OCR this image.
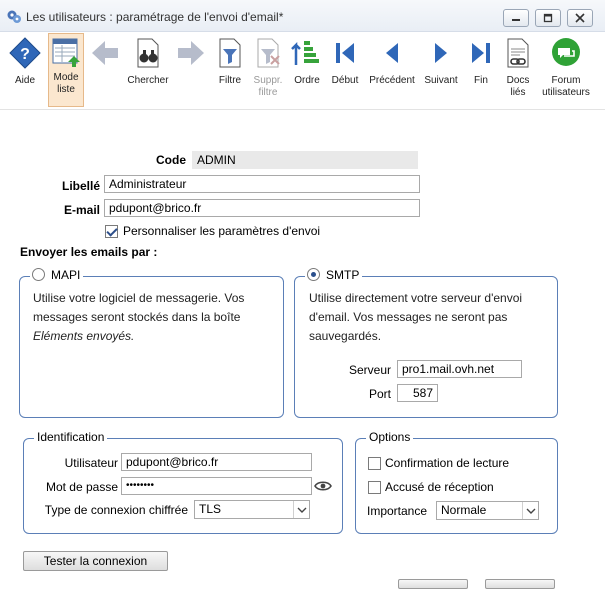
Les utilisateurs : paramétrage de l'envoi d'email*
?
Aide	Mode
liste
Chercher	Filtre	Suppr.
filtre
Ordre	Début	Précédent Suivant	Fin	Docs
liés
Forum
utilisateurs
Code ADMIN
Libellé Administrateur
E-mail pdupont@brico.fr
Personnaliser les paramètres d'envoi
Envoyer les emails par :
MAPI
Utilise votre logiciel de messagerie. Vos
messages seront stockés dans la boîte
Eléments envoyés.
SMTP
Utilise directement votre serveur d'envoi
d'email. Vos messages ne seront pas
sauvegardés.
Serveur pro1.mail.ovh.net
Port	587
Identification
Utilisateur pdupont@brico.fr
Mot de passe ••••••••
Type de connexion chiffrée TLS
Options
Confirmation de lecture
Accusé de réception
Importance	Normale
Tester la connexion
